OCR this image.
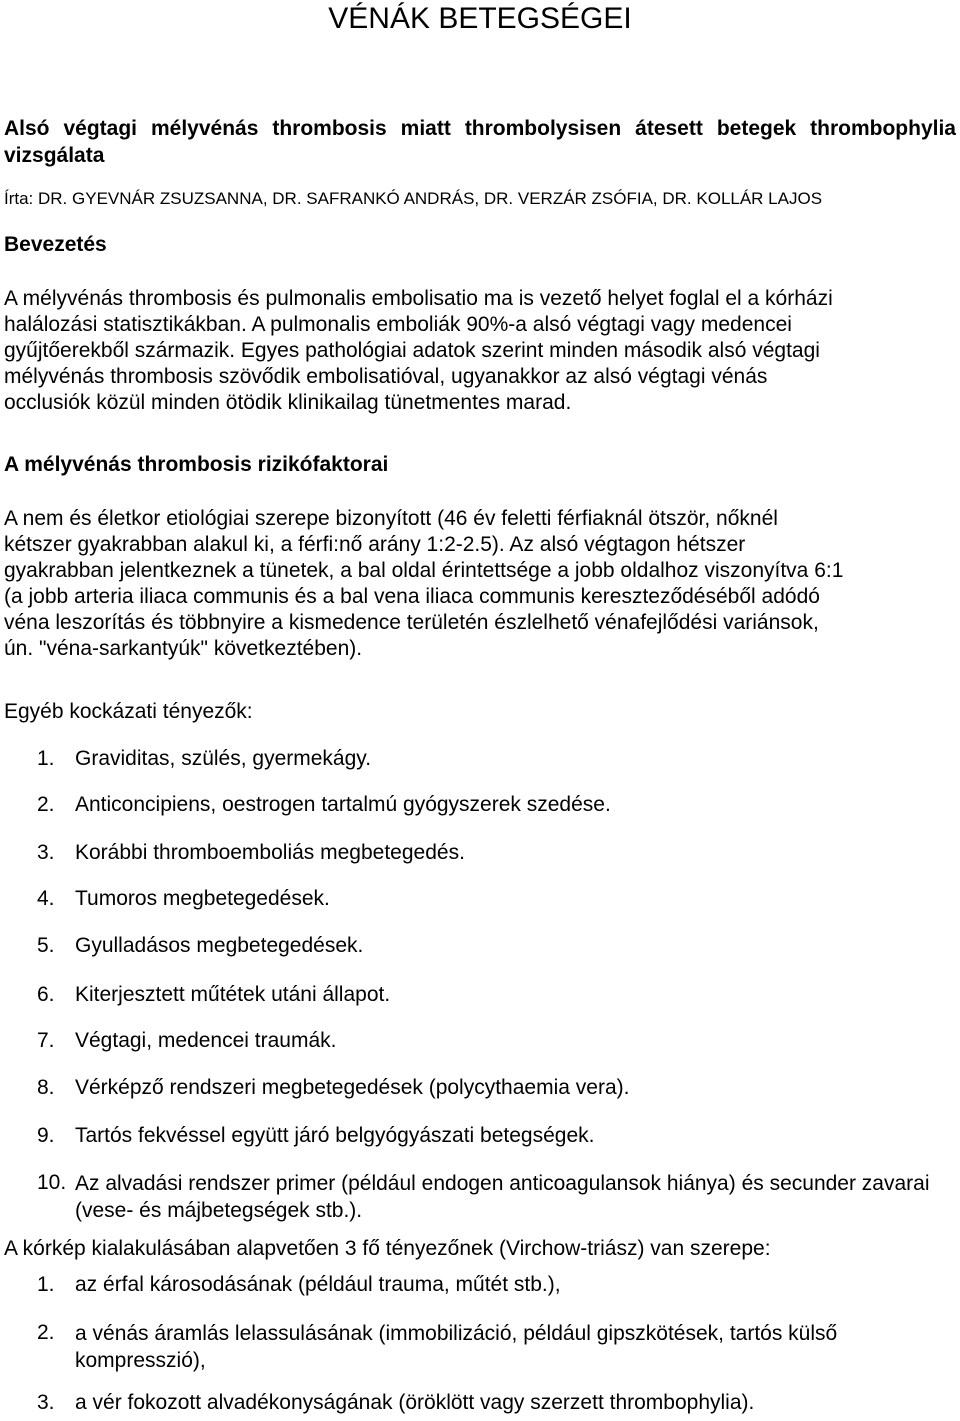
VÉNÁK BETEGSÉGEI
Alsó végtagi mélyvénás thrombosis miatt thrombolysisen átesett betegek thrombophylia vizsgálata
Írta: DR. GYEVNÁR ZSUZSANNA, DR. SAFRANKÓ ANDRÁS, DR. VERZÁR ZSÓFIA, DR. KOLLÁR LAJOS
Bevezetés
A mélyvénás thrombosis és pulmonalis embolisatio ma is vezető helyet foglal el a kórházi
halálozási statisztikákban. A pulmonalis emboliák 90%-a alsó végtagi vagy medencei
gyűjtőerekből származik. Egyes pathológiai adatok szerint minden második alsó végtagi
mélyvénás thrombosis szövődik embolisatióval, ugyanakkor az alsó végtagi vénás
occlusiók közül minden ötödik klinikailag tünetmentes marad.
A mélyvénás thrombosis rizikófaktorai
A nem és életkor etiológiai szerepe bizonyított (46 év feletti férfiaknál ötször, nőknél
kétszer gyakrabban alakul ki, a férfi:nő arány 1:2-2.5). Az alsó végtagon hétszer
gyakrabban jelentkeznek a tünetek, a bal oldal érintettsége a jobb oldalhoz viszonyítva 6:1
(a jobb arteria iliaca communis és a bal vena iliaca communis kereszteződéséből adódó
véna leszorítás és többnyire a kismedence területén észlelhető vénafejlődési variánsok,
ún. "véna-sarkantyúk" következtében).
Egyéb kockázati tényezők:
1. Graviditas, szülés, gyermekágy.
2. Anticoncipiens, oestrogen tartalmú gyógyszerek szedése.
3. Korábbi thromboemboliás megbetegedés.
4. Tumoros megbetegedések.
5. Gyulladásos megbetegedések.
6. Kiterjesztett műtétek utáni állapot.
7. Végtagi, medencei traumák.
8. Vérképző rendszeri megbetegedések (polycythaemia vera).
9. Tartós fekvéssel együtt járó belgyógyászati betegségek.
10. Az alvadási rendszer primer (például endogen anticoagulansok hiánya) és secunder zavarai (vese- és májbetegségek stb.).
A kórkép kialakulásában alapvetően 3 fő tényezőnek (Virchow-triász) van szerepe:
1. az érfal károsodásának (például trauma, műtét stb.),
2. a vénás áramlás lelassulásának (immobilizáció, például gipszkötések, tartós külső kompresszió),
3. a vér fokozott alvadékonyságának (öröklött vagy szerzett thrombophylia).
